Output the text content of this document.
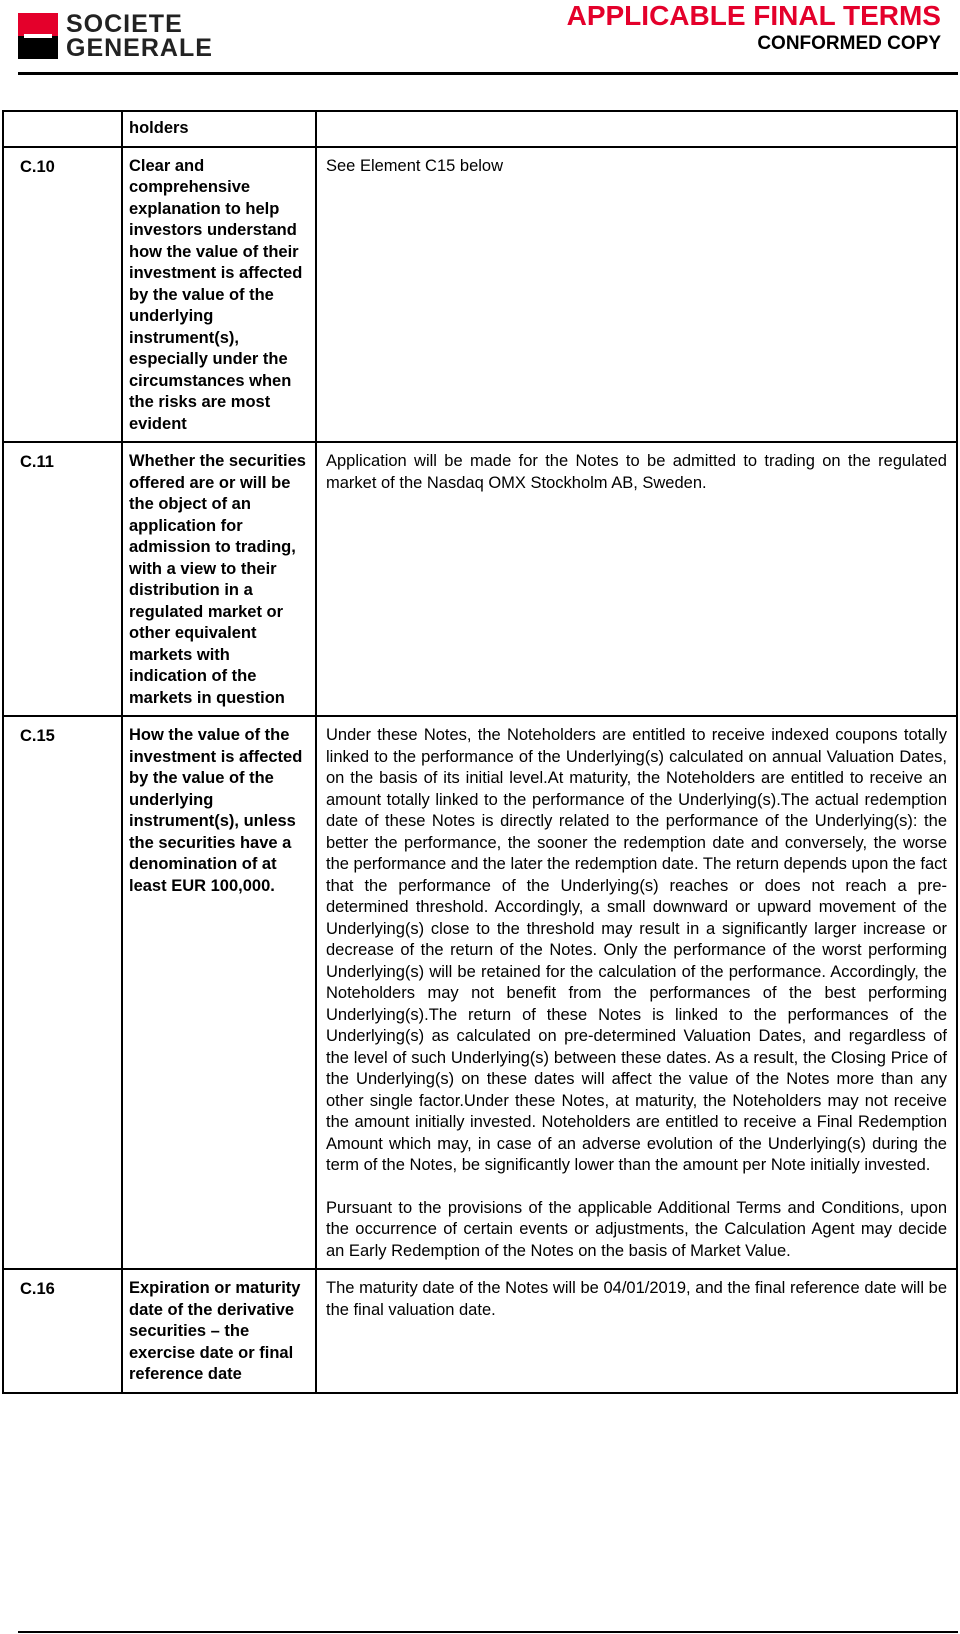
SOCIETE
GENERALE
APPLICABLE FINAL TERMS
CONFORMED COPY
	holders	

C.10	Clear and comprehensive explanation to help investors understand how the value of their investment is affected by the value of the underlying instrument(s), especially under the circumstances when the risks are most evident	See Element C15 below

C.11	Whether the securities offered are or will be the object of an application for admission to trading, with a view to their distribution in a regulated market or other equivalent markets with indication of the markets in question	Application will be made for the Notes to be admitted to trading on the regulated market of the Nasdaq OMX Stockholm AB, Sweden.

C.15	How the value of the investment is affected by the value of the underlying instrument(s), unless the securities have a denomination of at least EUR 100,000.	Under these Notes, the Noteholders are entitled to receive indexed coupons totally linked to the performance of the Underlying(s) calculated on annual Valuation Dates, on the basis of its initial level.At maturity, the Noteholders are entitled to receive an amount totally linked to the performance of the Underlying(s).The actual redemption date of these Notes is directly related to the performance of the Underlying(s): the better the performance, the sooner the redemption date and conversely, the worse the performance and the later the redemption date. The return depends upon the fact that the performance of the Underlying(s) reaches or does not reach a pre-determined threshold. Accordingly, a small downward or upward movement of the Underlying(s) close to the threshold may result in a significantly larger increase or decrease of the return of the Notes. Only the performance of the worst performing Underlying(s) will be retained for the calculation of the performance. Accordingly, the Noteholders may not benefit from the performances of the best performing Underlying(s).The return of these Notes is linked to the performances of the Underlying(s) as calculated on pre-determined Valuation Dates, and regardless of the level of such Underlying(s) between these dates. As a result, the Closing Price of the Underlying(s) on these dates will affect the value of the Notes more than any other single factor.Under these Notes, at maturity, the Noteholders may not receive the amount initially invested. Noteholders are entitled to receive a Final Redemption Amount which may, in case of an adverse evolution of the Underlying(s) during the term of the Notes, be significantly lower than the amount per Note initially invested.
Pursuant to the provisions of the applicable Additional Terms and Conditions, upon the occurrence of certain events or adjustments, the Calculation Agent may decide an Early Redemption of the Notes on the basis of Market Value.

C.16	Expiration or maturity date of the derivative securities – the exercise date or final reference date	The maturity date of the Notes will be 04/01/2019, and the final reference date will be the final valuation date.
